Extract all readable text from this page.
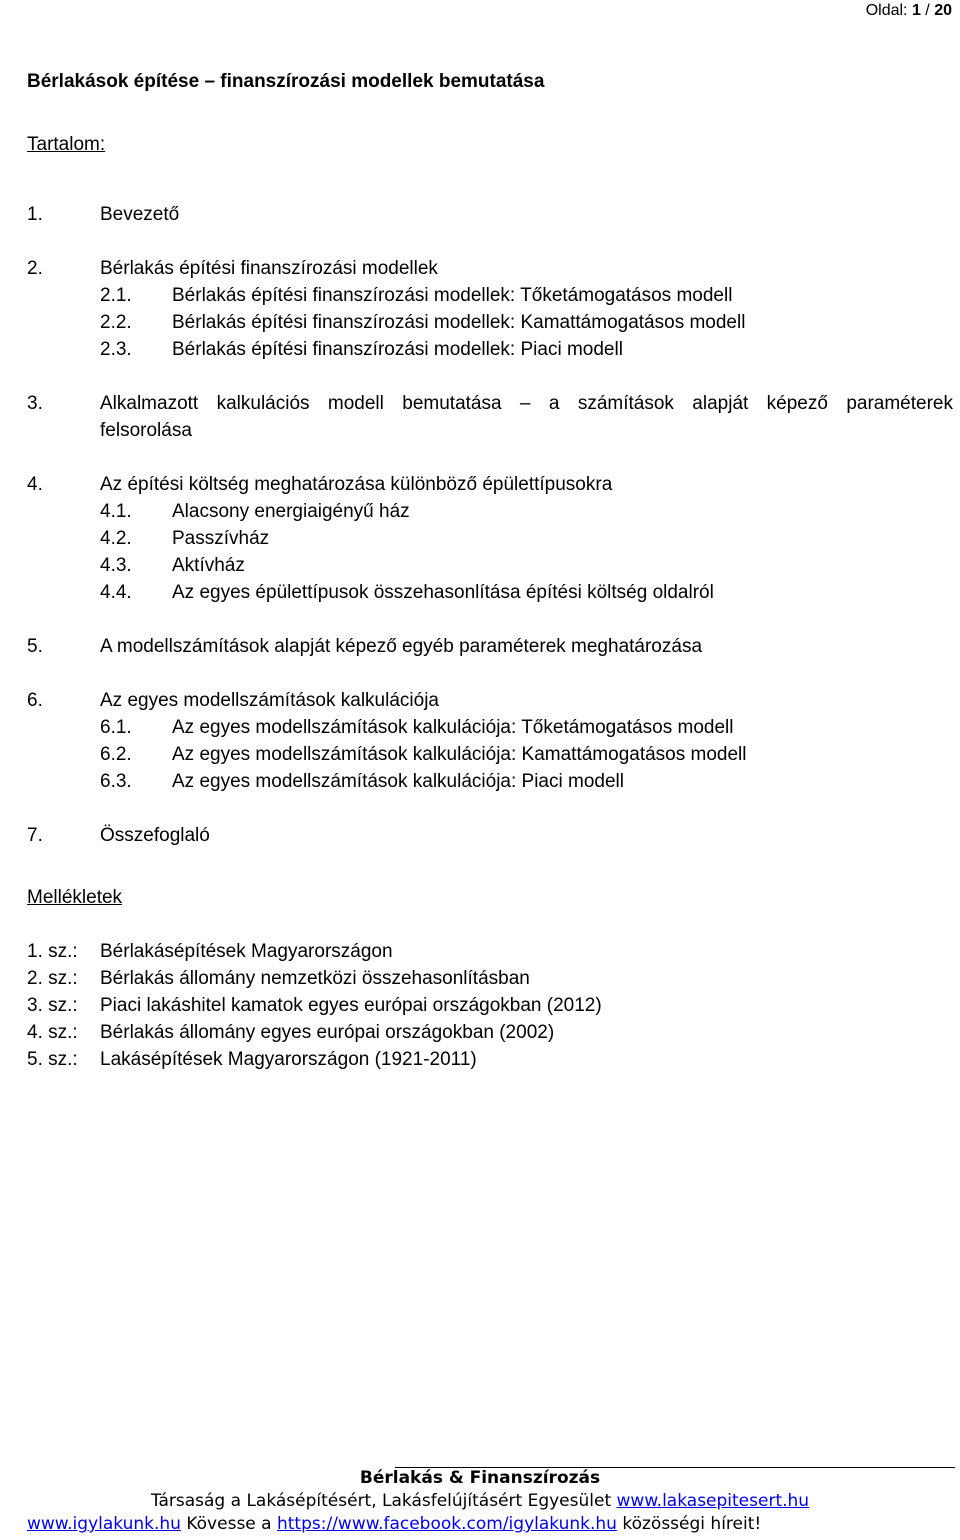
Oldal: 1 / 20
Bérlakások építése – finanszírozási modellek bemutatása
Tartalom:
1.	Bevezető
2.	Bérlakás építési finanszírozási modellek
2.1. Bérlakás építési finanszírozási modellek: Tőketámogatásos modell
2.2. Bérlakás építési finanszírozási modellek: Kamattámogatásos modell
2.3. Bérlakás építési finanszírozási modellek: Piaci modell
3.	Alkalmazott kalkulációs modell bemutatása – a számítások alapját képező paraméterek
felsorolása
4.	Az építési költség meghatározása különböző épülettípusokra
4.1. Alacsony energiaigényű ház
4.2. Passzívház
4.3. Aktívház
4.4. Az egyes épülettípusok összehasonlítása építési költség oldalról
5.	A modellszámítások alapját képező egyéb paraméterek meghatározása
6.	Az egyes modellszámítások kalkulációja
6.1. Az egyes modellszámítások kalkulációja: Tőketámogatásos modell
6.2. Az egyes modellszámítások kalkulációja: Kamattámogatásos modell
6.3. Az egyes modellszámítások kalkulációja: Piaci modell
7.	Összefoglaló
Mellékletek
1. sz.: Bérlakásépítések Magyarországon
2. sz.: Bérlakás állomány nemzetközi összehasonlításban
3. sz.: Piaci lakáshitel kamatok egyes európai országokban (2012)
4. sz.: Bérlakás állomány egyes európai országokban (2002)
5. sz.: Lakásépítések Magyarországon (1921-2011)
Bérlakás & Finanszírozás
Társaság a Lakásépítésért, Lakásfelújításért Egyesület www.lakasepitesert.hu
www.igylakunk.hu Kövesse a https://www.facebook.com/igylakunk.hu közösségi híreit!
